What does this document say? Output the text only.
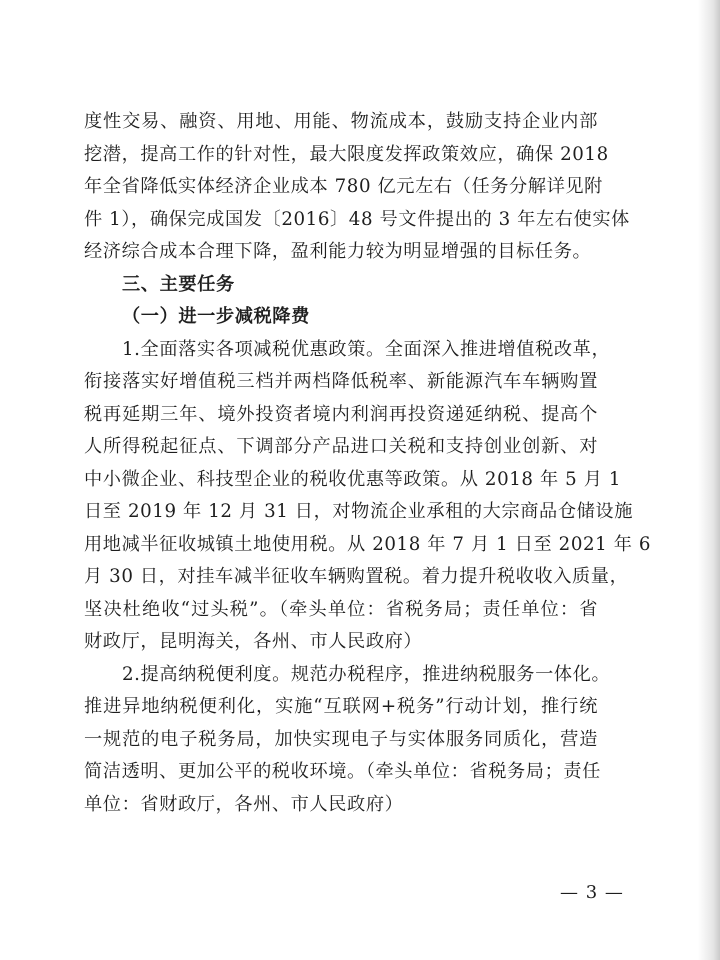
度性交易、融资、用地、用能、物流成本，鼓励支持企业内部
挖潜，提高工作的针对性，最大限度发挥政策效应，确保 2018
年全省降低实体经济企业成本 780 亿元左右（任务分解详见附
件 1），确保完成国发〔2016〕48 号文件提出的 3 年左右使实体
经济综合成本合理下降，盈利能力较为明显增强的目标任务。
三、主要任务
（一）进一步减税降费
1.全面落实各项减税优惠政策。全面深入推进增值税改革，
衔接落实好增值税三档并两档降低税率、新能源汽车车辆购置
税再延期三年、境外投资者境内利润再投资递延纳税、提高个
人所得税起征点、下调部分产品进口关税和支持创业创新、对
中小微企业、科技型企业的税收优惠等政策。从 2018 年 5 月 1
日至 2019 年 12 月 31 日，对物流企业承租的大宗商品仓储设施
用地减半征收城镇土地使用税。从 2018 年 7 月 1 日至 2021 年 6
月 30 日，对挂车减半征收车辆购置税。着力提升税收收入质量，
坚决杜绝收“过头税”。（牵头单位：省税务局；责任单位：省
财政厅，昆明海关，各州、市人民政府）
2.提高纳税便利度。规范办税程序，推进纳税服务一体化。
推进异地纳税便利化，实施“互联网+税务”行动计划，推行统
一规范的电子税务局，加快实现电子与实体服务同质化，营造
简洁透明、更加公平的税收环境。（牵头单位：省税务局；责任
单位：省财政厅，各州、市人民政府）
— 3 —
